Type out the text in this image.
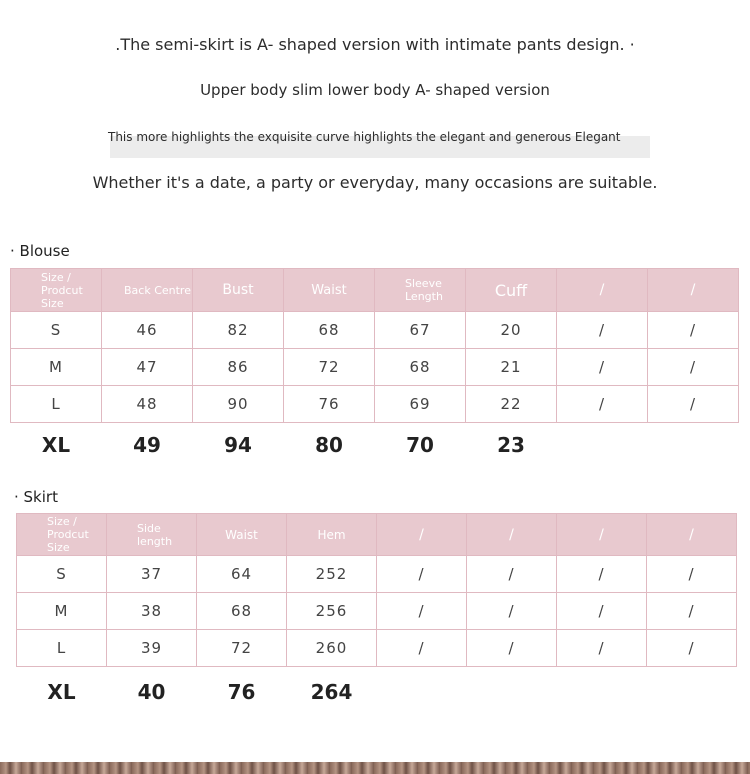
.The semi-skirt is A- shaped version with intimate pants design. ·
Upper body slim lower body A- shaped version
This more highlights the exquisite curve highlights the elegant and generous Elegant
Whether it's a date, a party or everyday, many occasions are suitable.
· Blouse
Size / Prodcut Size	Back Centre	Bust	Waist	Sleeve Length	Cuff	/	/
S	46	82	68	67	20	/	/
M	47	86	72	68	21	/	/
L	48	90	76	69	22	/	/
XL	49	94	80	70	23		
· Skirt
Size / Prodcut Size	Side length	Waist	Hem	/	/	/	/
S	37	64	252	/	/	/	/
M	38	68	256	/	/	/	/
L	39	72	260	/	/	/	/
XL	40	76	264				
